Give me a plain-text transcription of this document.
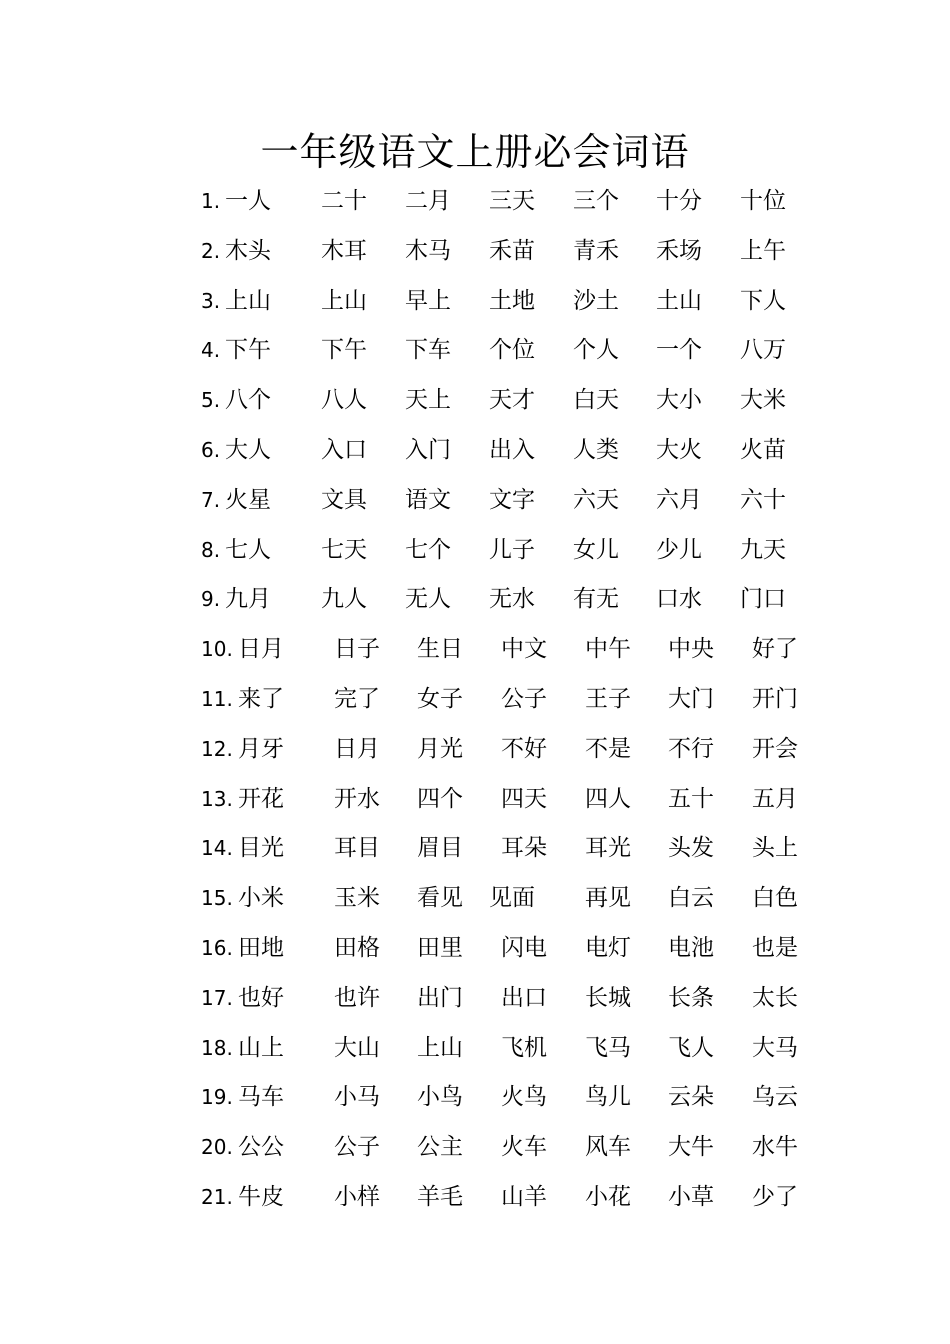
一年级语文上册必会词语
1. 一人 二十 二月 三天 三个 十分 十位
2. 木头 木耳 木马 禾苗 青禾 禾场 上午
3. 上山 上山 早上 土地 沙土 土山 下人
4. 下午 下午 下车 个位 个人 一个 八万
5. 八个 八人 天上 天才 白天 大小 大米
6. 大人 入口 入门 出入 人类 大火 火苗
7. 火星 文具 语文 文字 六天 六月 六十
8. 七人 七天 七个 儿子 女儿 少儿 九天
9. 九月 九人 无人 无水 有无 口水 门口
10. 日月 日子 生日 中文 中午 中央 好了
11. 来了 完了 女子 公子 王子 大门 开门
12. 月牙 日月 月光 不好 不是 不行 开会
13. 开花 开水 四个 四天 四人 五十 五月
14. 目光 耳目 眉目 耳朵 耳光 头发 头上
15. 小米 玉米 看见 见面 再见 白云 白色
16. 田地 田格 田里 闪电 电灯 电池 也是
17. 也好 也许 出门 出口 长城 长条 太长
18. 山上 大山 上山 飞机 飞马 飞人 大马
19. 马车 小马 小鸟 火鸟 鸟儿 云朵 乌云
20. 公公 公子 公主 火车 风车 大牛 水牛
21. 牛皮 小样 羊毛 山羊 小花 小草 少了
